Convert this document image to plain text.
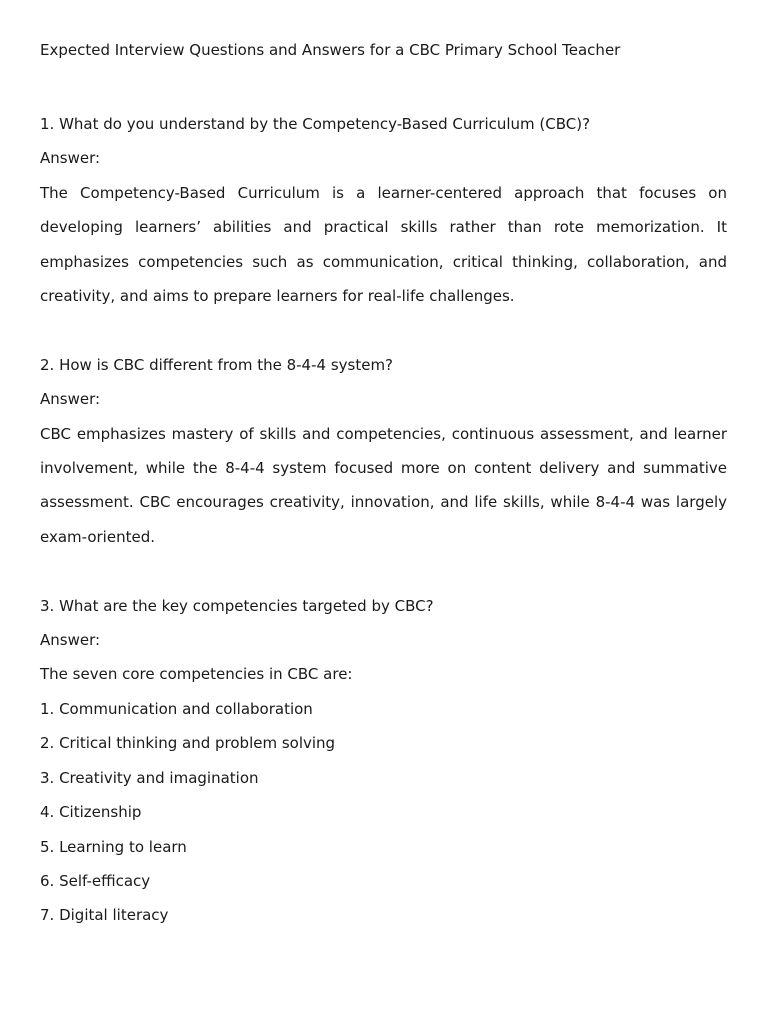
Expected Interview Questions and Answers for a CBC Primary School Teacher

1. What do you understand by the Competency-Based Curriculum (CBC)?

Answer:

The Competency-Based Curriculum is a learner-centered approach that focuses on developing learners’ abilities and practical skills rather than rote memorization. It emphasizes competencies such as communication, critical thinking, collaboration, and creativity, and aims to prepare learners for real-life challenges.

2. How is CBC different from the 8-4-4 system?

Answer:

CBC emphasizes mastery of skills and competencies, continuous assessment, and learner involvement, while the 8-4-4 system focused more on content delivery and summative assessment. CBC encourages creativity, innovation, and life skills, while 8-4-4 was largely exam-oriented.

3. What are the key competencies targeted by CBC?

Answer:

The seven core competencies in CBC are:

1. Communication and collaboration
2. Critical thinking and problem solving
3. Creativity and imagination
4. Citizenship
5. Learning to learn
6. Self-efficacy
7. Digital literacy
